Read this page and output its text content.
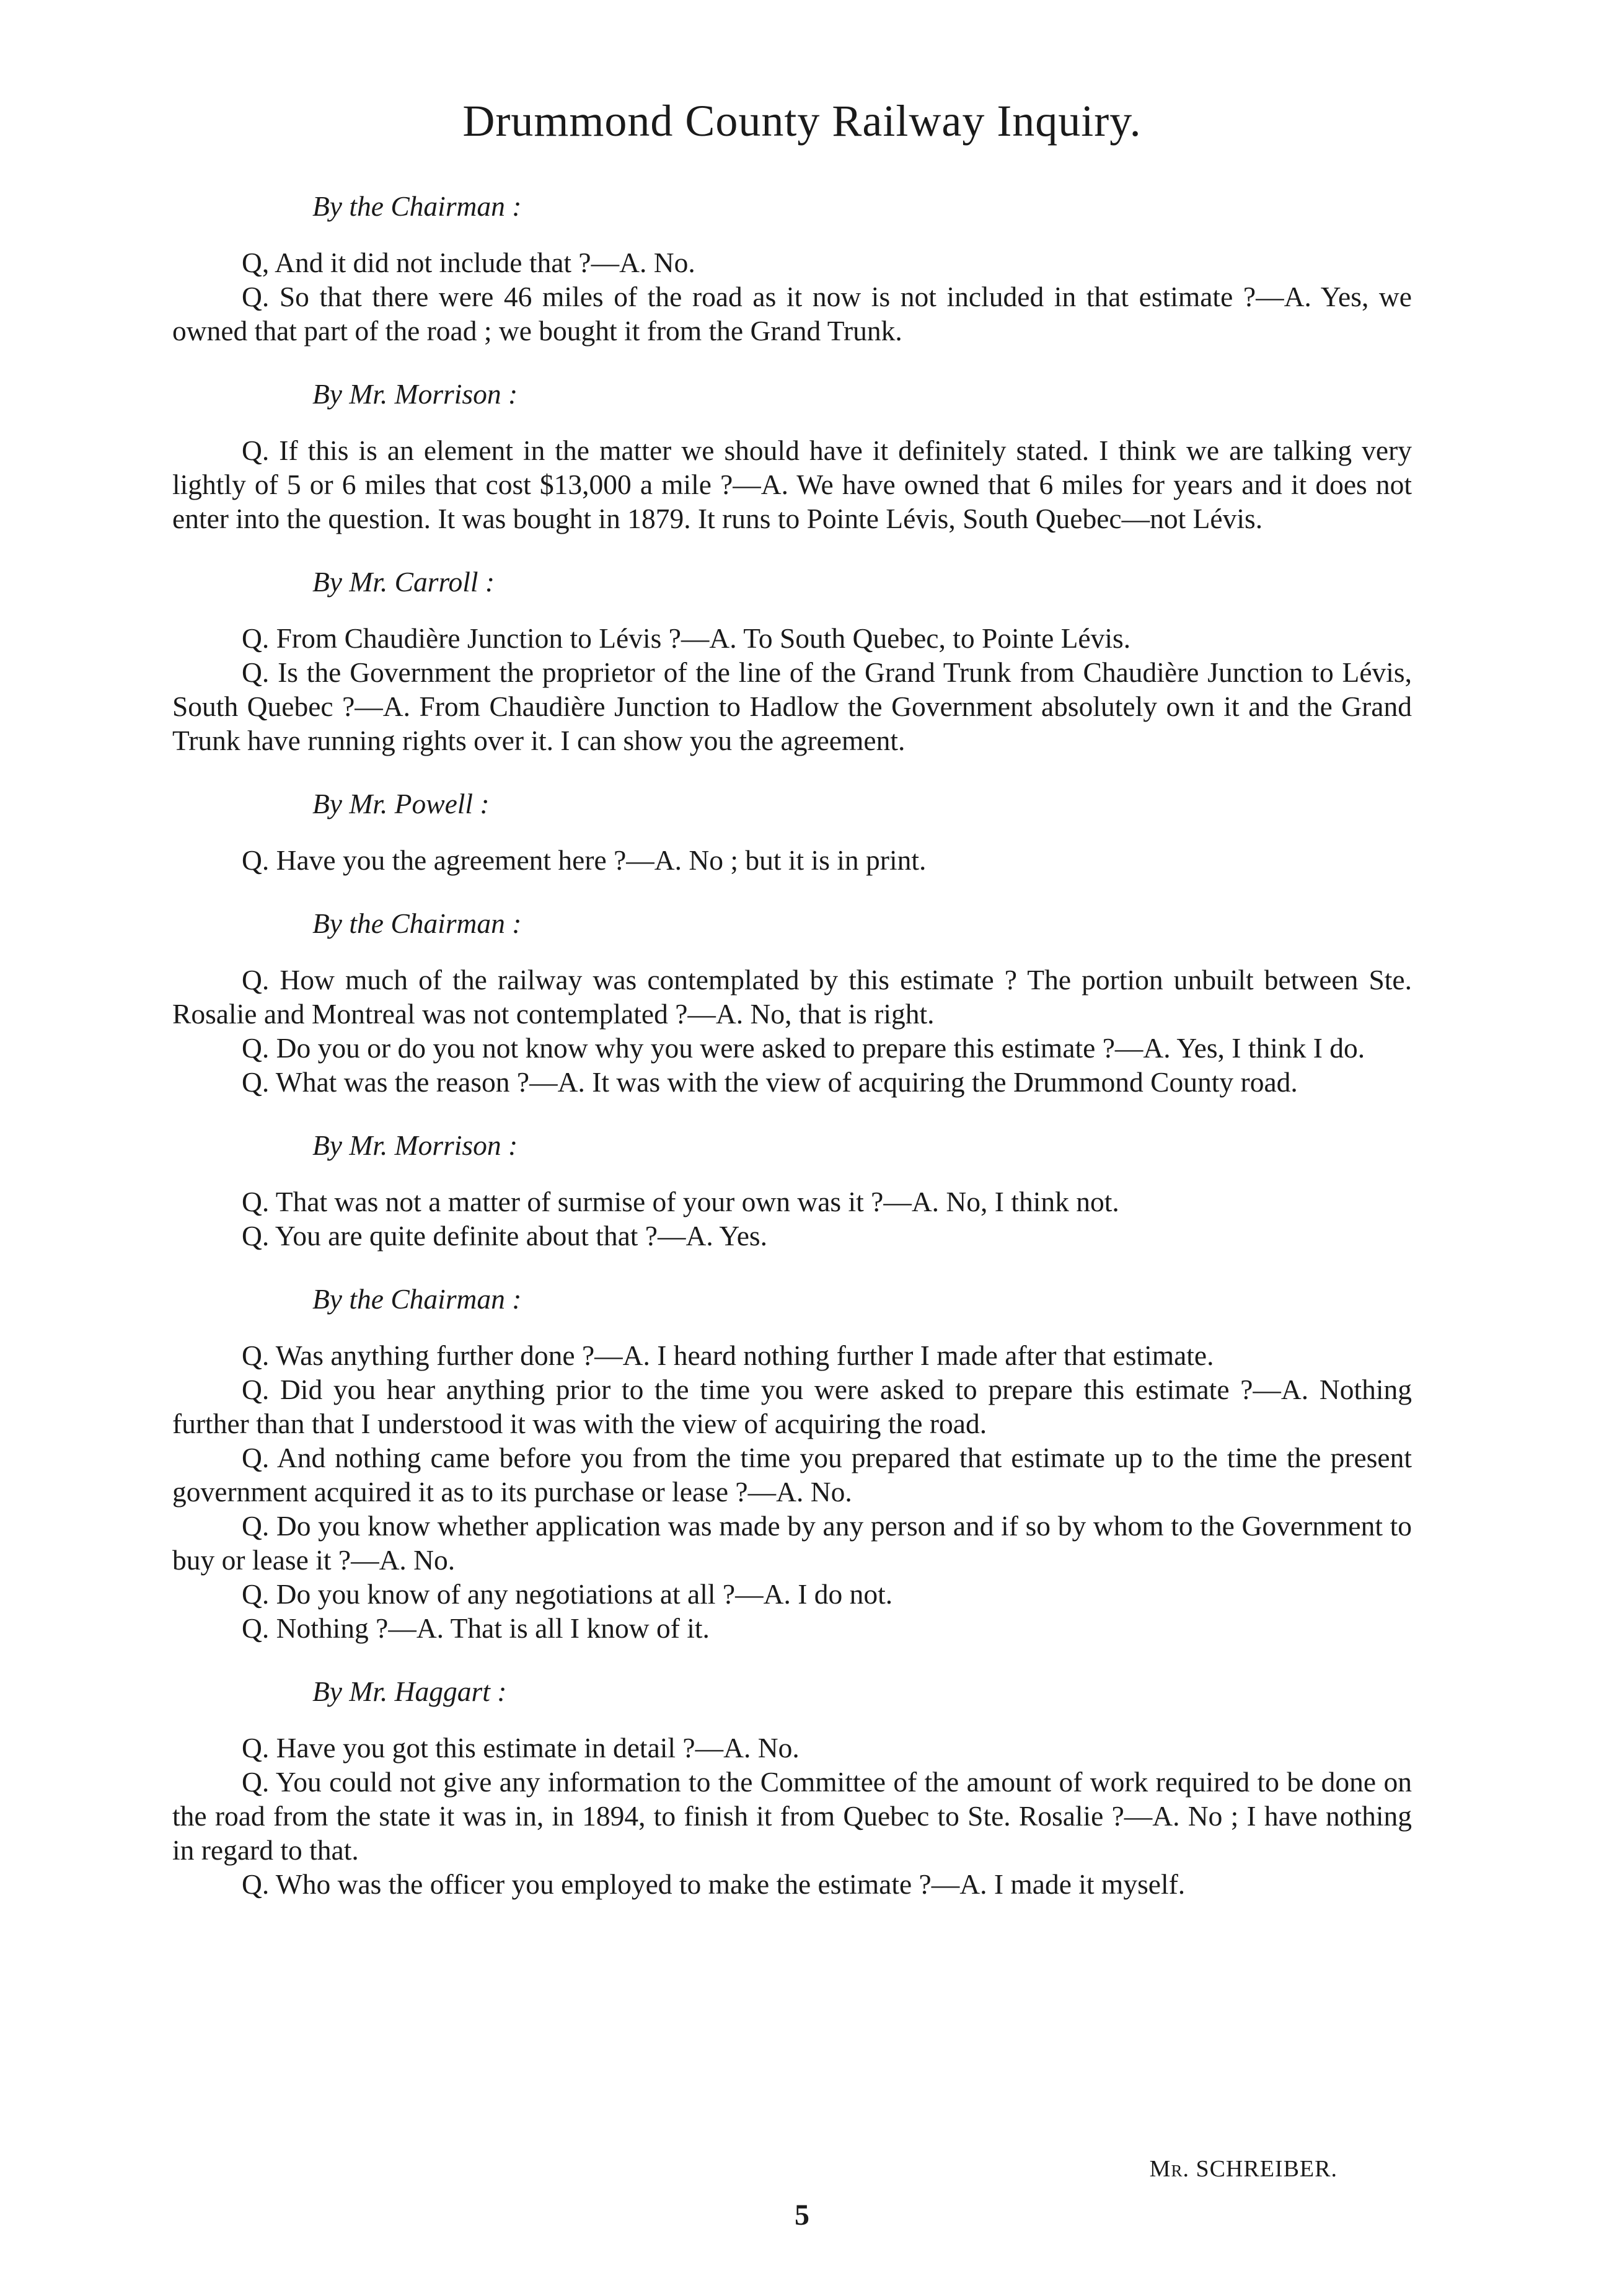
Drummond County Railway Inquiry.
By the Chairman :

Q, And it did not include that ?—A. No.

Q. So that there were 46 miles of the road as it now is not included in that estimate ?—A. Yes, we owned that part of the road ; we bought it from the Grand Trunk.

By Mr. Morrison :

Q. If this is an element in the matter we should have it definitely stated. I think we are talking very lightly of 5 or 6 miles that cost $13,000 a mile ?—A. We have owned that 6 miles for years and it does not enter into the question. It was bought in 1879. It runs to Pointe Lévis, South Quebec—not Lévis.

By Mr. Carroll :

Q. From Chaudière Junction to Lévis ?—A. To South Quebec, to Pointe Lévis.

Q. Is the Government the proprietor of the line of the Grand Trunk from Chaudière Junction to Lévis, South Quebec ?—A. From Chaudière Junction to Hadlow the Government absolutely own it and the Grand Trunk have running rights over it. I can show you the agreement.

By Mr. Powell :

Q. Have you the agreement here ?—A. No ; but it is in print.

By the Chairman :

Q. How much of the railway was contemplated by this estimate ? The portion unbuilt between Ste. Rosalie and Montreal was not contemplated ?—A. No, that is right.

Q. Do you or do you not know why you were asked to prepare this estimate ?—A. Yes, I think I do.

Q. What was the reason ?—A. It was with the view of acquiring the Drummond County road.

By Mr. Morrison :

Q. That was not a matter of surmise of your own was it ?—A. No, I think not.

Q. You are quite definite about that ?—A. Yes.

By the Chairman :

Q. Was anything further done ?—A. I heard nothing further I made after that estimate.

Q. Did you hear anything prior to the time you were asked to prepare this estimate ?—A. Nothing further than that I understood it was with the view of acquiring the road.

Q. And nothing came before you from the time you prepared that estimate up to the time the present government acquired it as to its purchase or lease ?—A. No.

Q. Do you know whether application was made by any person and if so by whom to the Government to buy or lease it ?—A. No.

Q. Do you know of any negotiations at all ?—A. I do not.

Q. Nothing ?—A. That is all I know of it.

By Mr. Haggart :

Q. Have you got this estimate in detail ?—A. No.

Q. You could not give any information to the Committee of the amount of work required to be done on the road from the state it was in, in 1894, to finish it from Quebec to Ste. Rosalie ?—A. No ; I have nothing in regard to that.

Q. Who was the officer you employed to make the estimate ?—A. I made it myself.

Mr. SCHREIBER.
5
